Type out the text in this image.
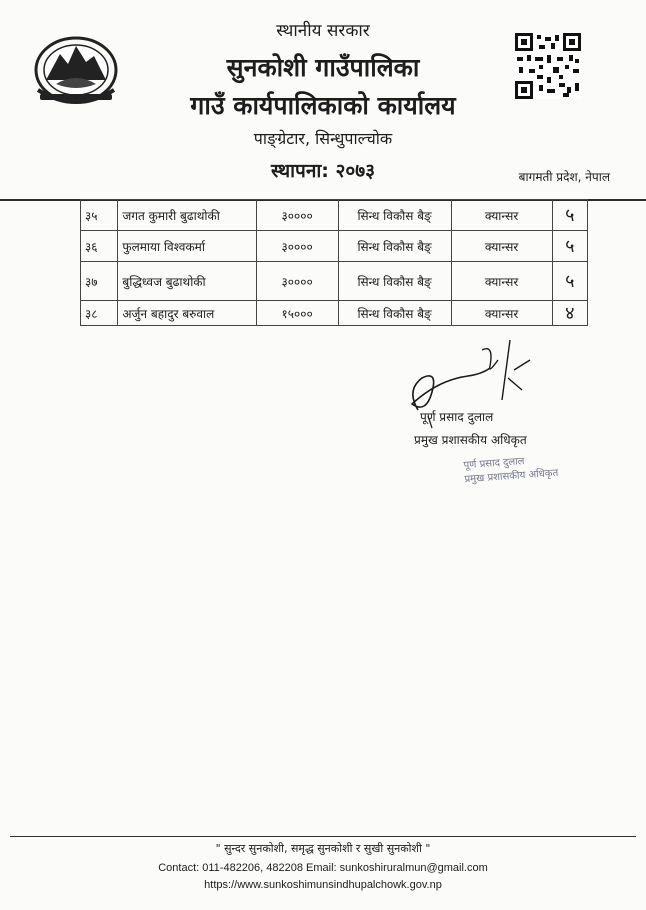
स्थानीय सरकार
सुनकोशी गाउँपालिका
गाउँ कार्यपालिकाको कार्यालय
पाङ्ग्रेटार, सिन्धुपाल्चोक
स्थापना: २०७३	बागमती प्रदेश, नेपाल
३५	जगत कुमारी बुढाथोकी	३००००	सिन्ध विकौस बैङ्	क्यान्सर	५
३६	फुलमाया विश्वकर्मा	३००००	सिन्ध विकौस बैङ्	क्यान्सर	५
३७	बुद्धिध्वज बुढाथोकी	३००००	सिन्ध विकौस बैङ्	क्यान्सर	५
३८	अर्जुन बहादुर बरुवाल	१५०००	सिन्ध विकौस बैङ्	क्यान्सर	४
पूर्ण प्रसाद दुलाल
प्रमुख प्रशासकीय अधिकृत
पूर्ण प्रसाद दुलाल
प्रमुख प्रशासकीय अधिकृत
" सुन्दर सुनकोशी, समृद्ध सुनकोशी र सुखी सुनकोशी "
Contact: 011-482206, 482208 Email: sunkoshiruralmun@gmail.com
https://www.sunkoshimunsindhupalchowk.gov.np
